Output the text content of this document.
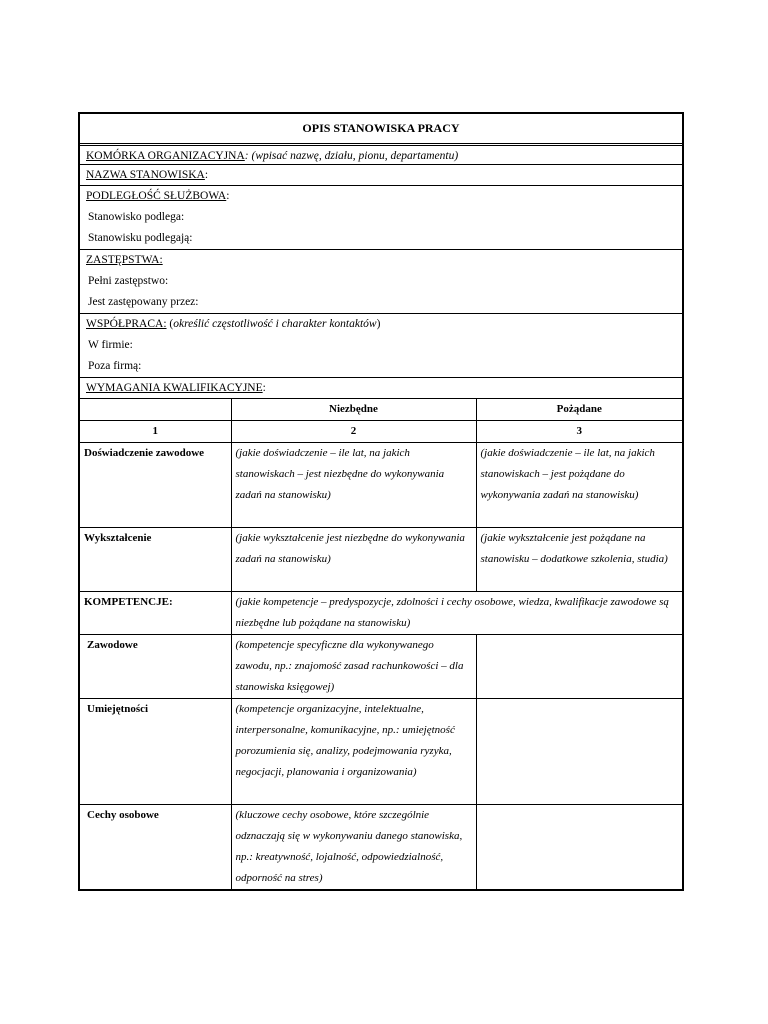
OPIS STANOWISKA PRACY
KOMÓRKA ORGANIZACYJNA: (wpisać nazwę, działu, pionu, departamentu)
NAZWA STANOWISKA:
PODLEGŁOŚĆ SŁUŻBOWA:
Stanowisko podlega:
Stanowisku podlegają:
ZASTĘPSTWA:
Pełni zastępstwo:
Jest zastępowany przez:
WSPÓŁPRACA: (określić częstotliwość i charakter kontaktów)
W firmie:
Poza firmą:
WYMAGANIA KWALIFIKACYJNE:
	Niezbędne	Pożądane
1	2	3
Doświadczenie zawodowe	(jakie doświadczenie – ile lat, na jakich stanowiskach – jest niezbędne do wykonywania zadań na stanowisku)	(jakie doświadczenie – ile lat, na jakich stanowiskach – jest pożądane do wykonywania zadań na stanowisku)
Wykształcenie	(jakie wykształcenie jest niezbędne do wykonywania zadań na stanowisku)	(jakie wykształcenie jest pożądane na stanowisku – dodatkowe szkolenia, studia)
KOMPETENCJE:	(jakie kompetencje – predyspozycje, zdolności i cechy osobowe, wiedza, kwalifikacje zawodowe są niezbędne lub pożądane na stanowisku)	
Zawodowe	(kompetencje specyficzne dla wykonywanego zawodu, np.: znajomość zasad rachunkowości – dla stanowiska księgowej)	
Umiejętności	(kompetencje organizacyjne, intelektualne, interpersonalne, komunikacyjne, np.: umiejętność porozumienia się, analizy, podejmowania ryzyka, negocjacji, planowania i organizowania)	
Cechy osobowe	(kluczowe cechy osobowe, które szczególnie odznaczają się w wykonywaniu danego stanowiska, np.: kreatywność, lojalność, odpowiedzialność, odporność na stres)	
